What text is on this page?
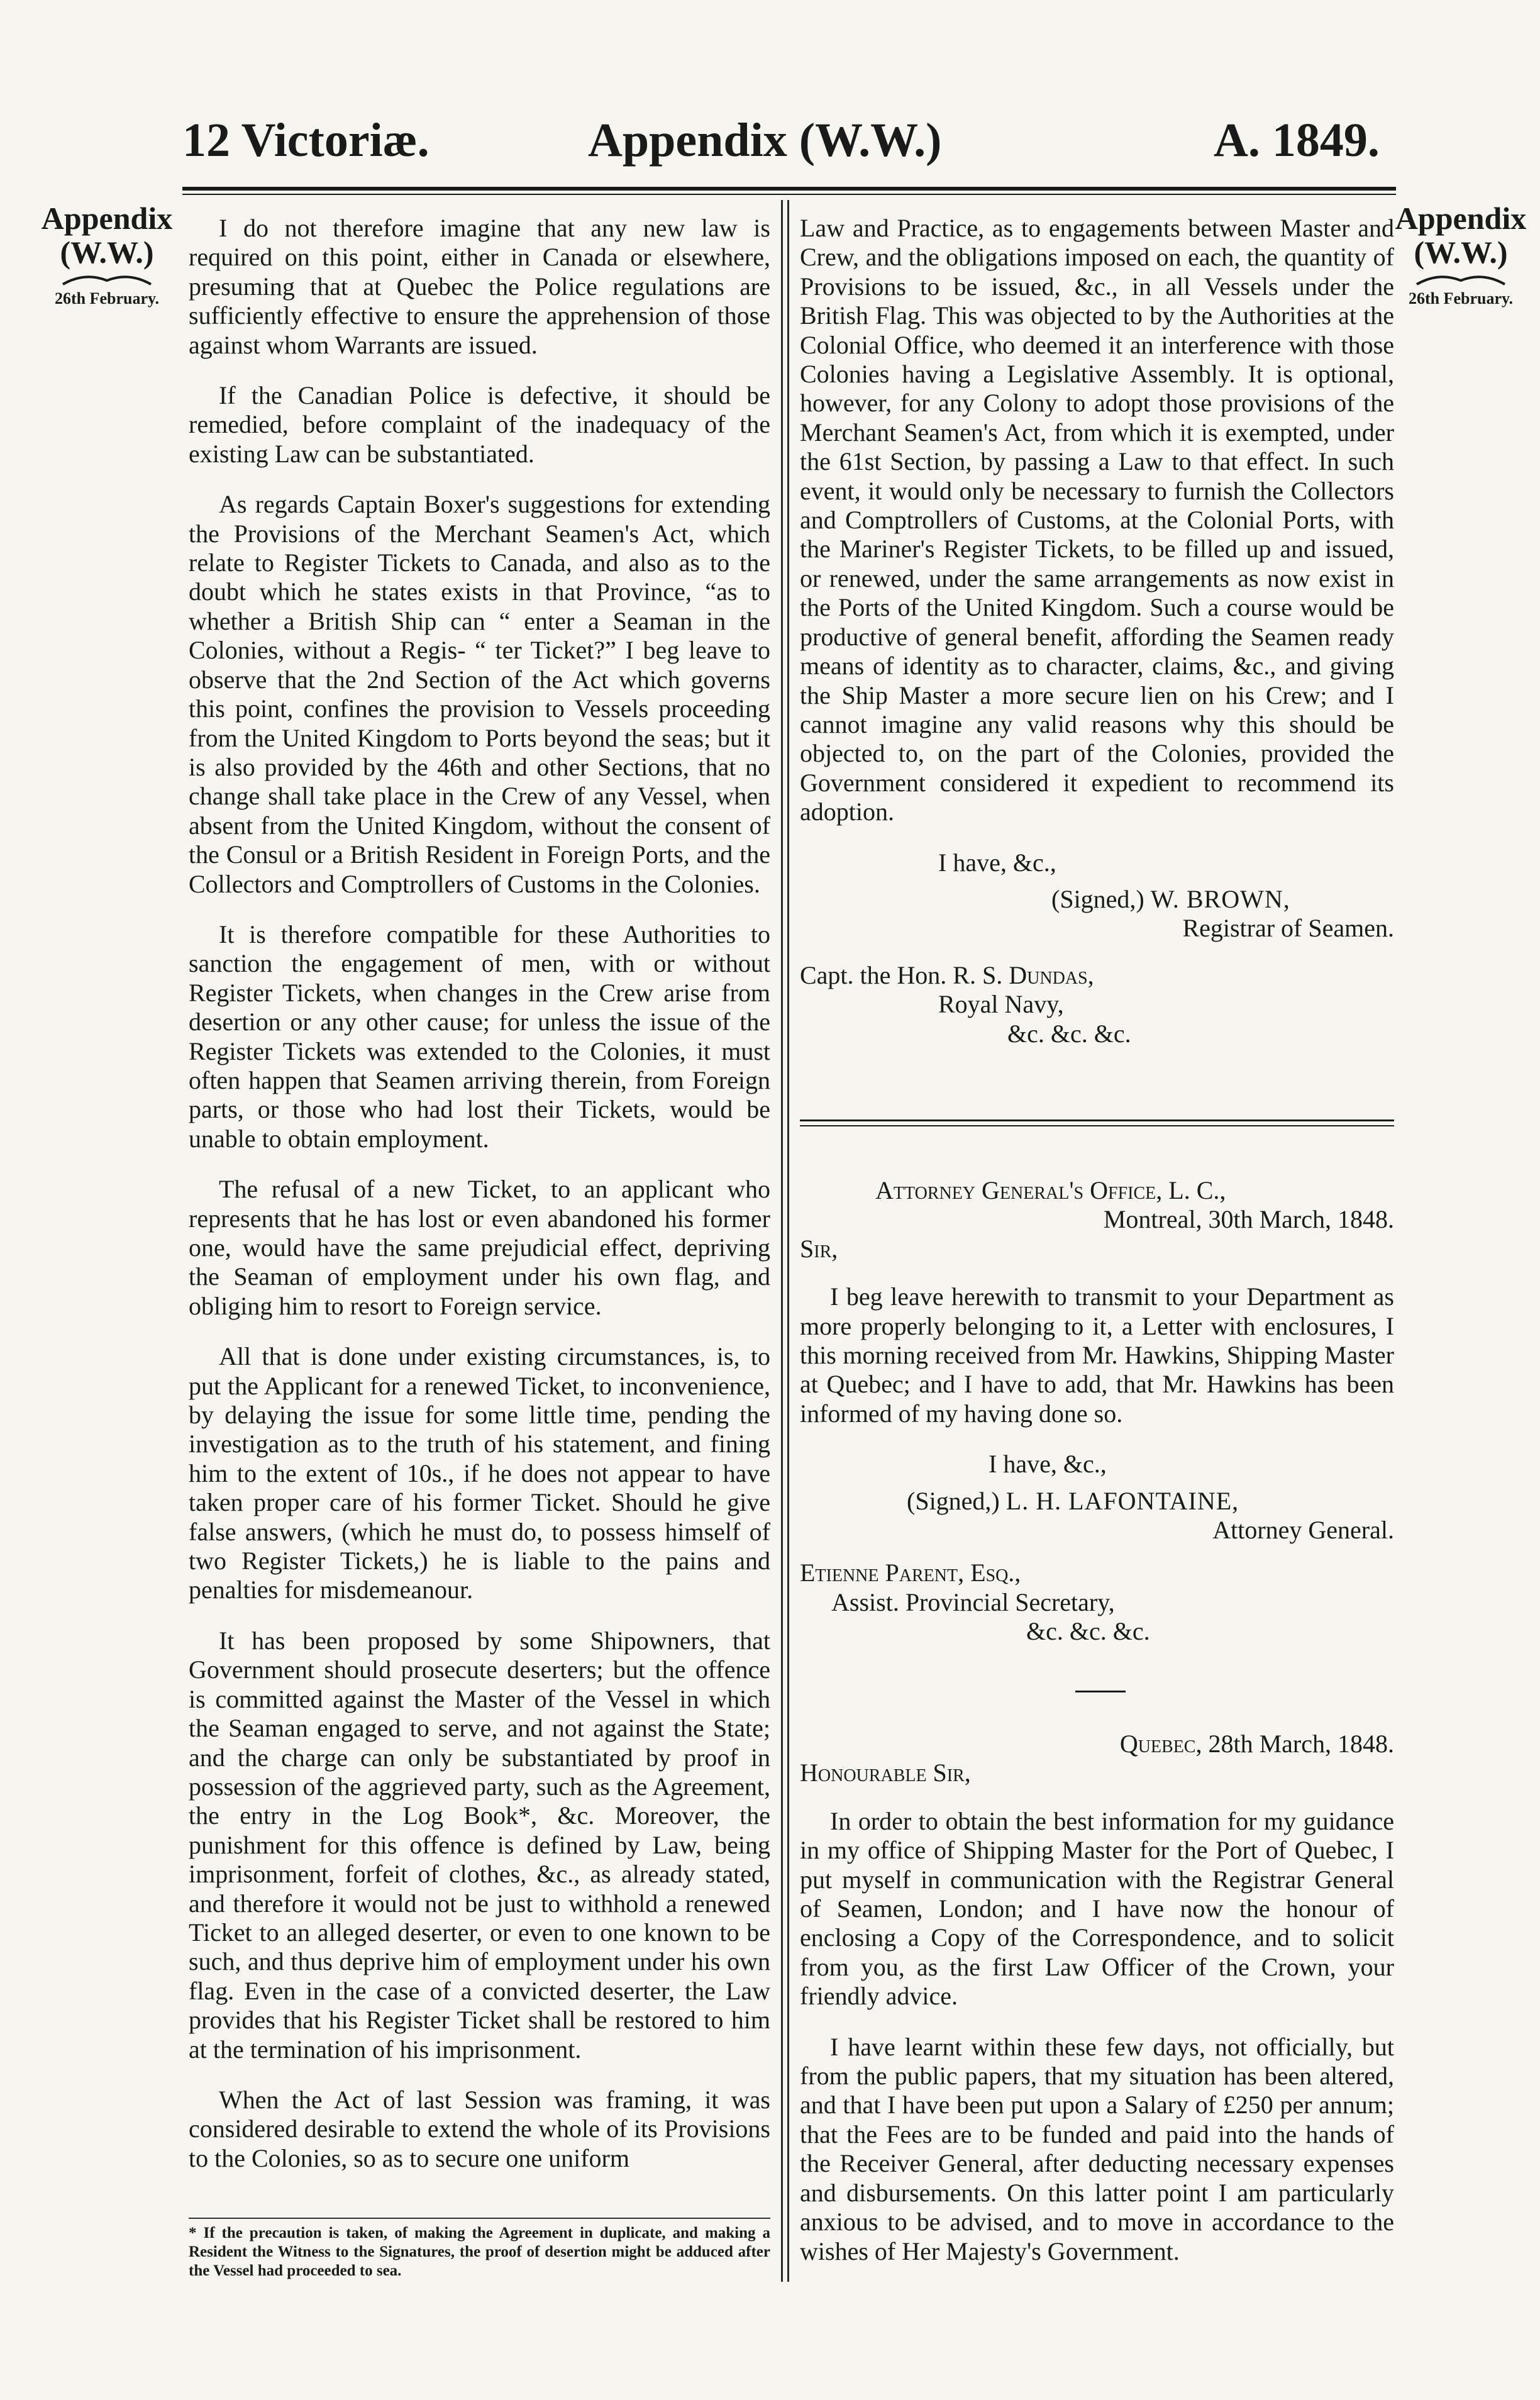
12 Victoriæ.	Appendix (W.W.)	A. 1849.
Appendix
(W.W.)
26th February.
Appendix
(W.W.)
26th February.

I do not therefore imagine that any new law is required on this point, either in Canada or elsewhere, presuming that at Quebec the Police regulations are sufficiently effective to ensure the apprehension of those against whom Warrants are issued.

If the Canadian Police is defective, it should be remedied, before complaint of the inadequacy of the existing Law can be substantiated.

As regards Captain Boxer's suggestions for extending the Provisions of the Merchant Seamen's Act, which relate to Register Tickets to Canada, and also as to the doubt which he states exists in that Province, “as to whether a British Ship can “ enter a Seaman in the Colonies, without a Regis- “ ter Ticket?” I beg leave to observe that the 2nd Section of the Act which governs this point, confines the provision to Vessels proceeding from the United Kingdom to Ports beyond the seas; but it is also provided by the 46th and other Sections, that no change shall take place in the Crew of any Vessel, when absent from the United Kingdom, without the consent of the Consul or a British Resident in Foreign Ports, and the Collectors and Comptrollers of Customs in the Colonies.

It is therefore compatible for these Authorities to sanction the engagement of men, with or without Register Tickets, when changes in the Crew arise from desertion or any other cause; for unless the issue of the Register Tickets was extended to the Colonies, it must often happen that Seamen arriving therein, from Foreign parts, or those who had lost their Tickets, would be unable to obtain employment.

The refusal of a new Ticket, to an applicant who represents that he has lost or even abandoned his former one, would have the same prejudicial effect, depriving the Seaman of employment under his own flag, and obliging him to resort to Foreign service.

All that is done under existing circumstances, is, to put the Applicant for a renewed Ticket, to inconvenience, by delaying the issue for some little time, pending the investigation as to the truth of his statement, and fining him to the extent of 10s., if he does not appear to have taken proper care of his former Ticket. Should he give false answers, (which he must do, to possess himself of two Register Tickets,) he is liable to the pains and penalties for misdemeanour.

It has been proposed by some Shipowners, that Government should prosecute deserters; but the offence is committed against the Master of the Vessel in which the Seaman engaged to serve, and not against the State; and the charge can only be substantiated by proof in possession of the aggrieved party, such as the Agreement, the entry in the Log Book*, &c. Moreover, the punishment for this offence is defined by Law, being imprisonment, forfeit of clothes, &c., as already stated, and therefore it would not be just to withhold a renewed Ticket to an alleged deserter, or even to one known to be such, and thus deprive him of employment under his own flag. Even in the case of a convicted deserter, the Law provides that his Register Ticket shall be restored to him at the termination of his imprisonment.

When the Act of last Session was framing, it was considered desirable to extend the whole of its Provisions to the Colonies, so as to secure one uniform

* If the precaution is taken, of making the Agreement in duplicate, and making a Resident the Witness to the Signatures, the proof of desertion might be adduced after the Vessel had proceeded to sea.

Law and Practice, as to engagements between Master and Crew, and the obligations imposed on each, the quantity of Provisions to be issued, &c., in all Vessels under the British Flag. This was objected to by the Authorities at the Colonial Office, who deemed it an interference with those Colonies having a Legislative Assembly. It is optional, however, for any Colony to adopt those provisions of the Merchant Seamen's Act, from which it is exempted, under the 61st Section, by passing a Law to that effect. In such event, it would only be necessary to furnish the Collectors and Comptrollers of Customs, at the Colonial Ports, with the Mariner's Register Tickets, to be filled up and issued, or renewed, under the same arrangements as now exist in the Ports of the United Kingdom. Such a course would be productive of general benefit, affording the Seamen ready means of identity as to character, claims, &c., and giving the Ship Master a more secure lien on his Crew; and I cannot imagine any valid reasons why this should be objected to, on the part of the Colonies, provided the Government considered it expedient to recommend its adoption.

I have, &c.,
(Signed,) W. BROWN,
Registrar of Seamen.
Capt. the Hon. R. S. Dundas,
Royal Navy,
&c. &c. &c.
Attorney General's Office, L. C.,
Montreal, 30th March, 1848.
Sir,

I beg leave herewith to transmit to your Department as more properly belonging to it, a Letter with enclosures, I this morning received from Mr. Hawkins, Shipping Master at Quebec; and I have to add, that Mr. Hawkins has been informed of my having done so.

I have, &c.,
(Signed,) L. H. LAFONTAINE,
Attorney General.
Etienne Parent, Esq.,
Assist. Provincial Secretary,
&c. &c. &c.
Quebec, 28th March, 1848.
Honourable Sir,

In order to obtain the best information for my guidance in my office of Shipping Master for the Port of Quebec, I put myself in communication with the Registrar General of Seamen, London; and I have now the honour of enclosing a Copy of the Correspondence, and to solicit from you, as the first Law Officer of the Crown, your friendly advice.

I have learnt within these few days, not officially, but from the public papers, that my situation has been altered, and that I have been put upon a Salary of £250 per annum; that the Fees are to be funded and paid into the hands of the Receiver General, after deducting necessary expenses and disbursements. On this latter point I am particularly anxious to be advised, and to move in accordance to the wishes of Her Majesty's Government.
